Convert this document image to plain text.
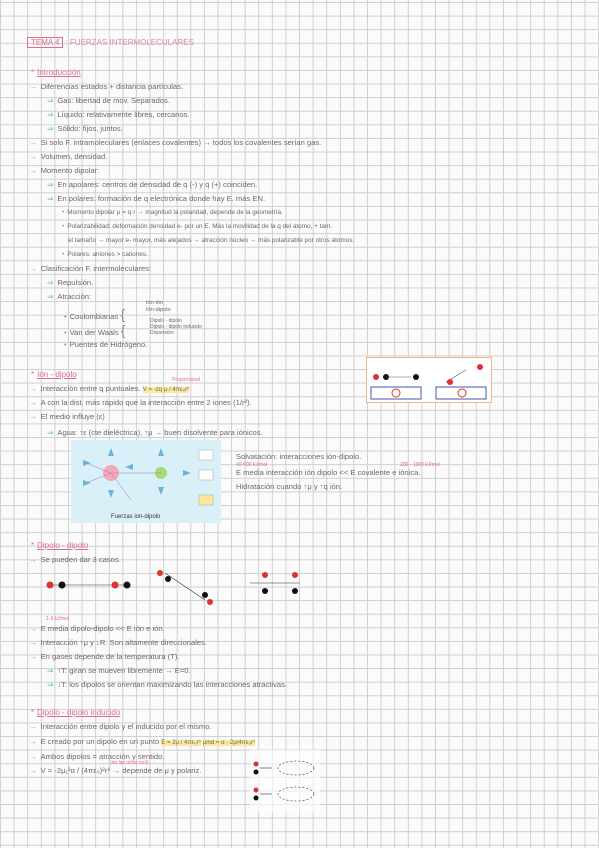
TEMA 4 : FUERZAS INTERMOLECULARES
* Introducción
→ Diferencias estados + distancia partículas.
⇒ Gas: libertad de mov. Separados.
⇒ Líquido: relativamente libres, cercanos.
⇒ Sólido: fijos, juntos.
→ Si solo F. intramoleculares (enlaces covalentes) → todos los covalentes serían gas.
→ Volumen, densidad.
→ Momento dipolar:
⇒ En apolares: centros de densidad de q (-) y q (+) coinciden.
⇒ En polares: formación de q electrónica donde hay E. más EN.
• Momento dipolar μ = q·r → magnitud la polaridad, depende de la geometría.
• Polarizabilidad: deformación densidad e- por un E. Más la movilidad de la q del átomo, + tam.
el tamaño → mayor e- mayor, más alejados → atracción núcleo → más polarizable por otros átomos.
• Polares: aniones > cationes.
→ Clasificación F. intermoleculares:
⇒ Repulsión.
⇒ Atracción:
• Coulombianas {
Ión-ión
Ión-dipolo
• Van der Waals {
Dipolo - dipolo
Dipolo - dipolo inducido
Dispersión
• Puentes de Hidrógeno.
* Ión - dipolo
Proporcional
→ Interacción entre q puntuales. V = -zq·μ / 4πε₀r²
→ A con la dist. más rápido que la interacción entre 2 iones (1/r²).
→ El medio influye (ε)
⇒ Agua: ↑ε (cte dieléctrica), ↑μ → buen disolvente para iónicos.
Fuerzas ion-dipolo
40-600 kJ/mol	200 - 1000 kJ/mol
Solvatación: interacciones ión-dipolo.
E media interacción ión dipolo << E covalente e iónica.
Hidratación cuando ↑μ y ↑q ión.
* Dipolo - dipolo
→ Se pueden dar 3 casos.
1-3 kJ/mol
→ E media dipolo-dipolo << E ión e ión.
→ Interacción ↑μ y ↓R. Son altamente direccionales.
→ En gases depende de la temperatura (T).
⇒ ↑T: giran se mueven libremente → E=0.
⇒ ↓T: los dipolos se orientan maximizando las interacciones atractivas.
* Dipolo - dipolo inducido
→ Interacción entre dipolo y el inducido por el mismo.
→ E creado por un dipolo en un punto E = 2μ / 4πε₀r³ μind = α · 2μ/4πε₀r³
→ Ambos dipolos = atracción y sentido.
(de las otras mol)
→ V = -2μ₁²α / (4πε₀)²r⁶ → depende de μ y polariz.
